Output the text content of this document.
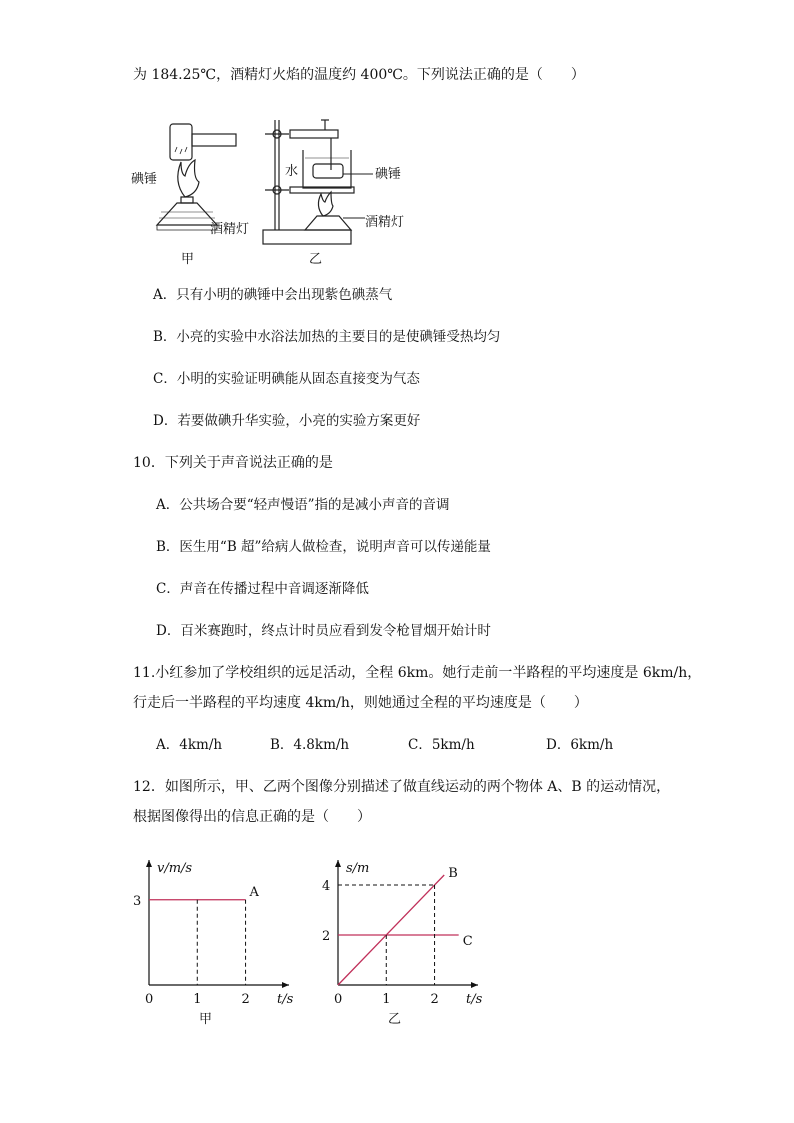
为 184.25℃，酒精灯火焰的温度约 400℃。下列说法正确的是（　　）
碘锤
酒精灯
甲
水	碘锤
酒精灯
乙
A．只有小明的碘锤中会出现紫色碘蒸气
B．小亮的实验中水浴法加热的主要目的是使碘锤受热均匀
C．小明的实验证明碘能从固态直接变为气态
D．若要做碘升华实验，小亮的实验方案更好
10．下列关于声音说法正确的是
A．公共场合要“轻声慢语”指的是减小声音的音调
B．医生用“B 超”给病人做检查，说明声音可以传递能量
C．声音在传播过程中音调逐渐降低
D．百米赛跑时，终点计时员应看到发令枪冒烟开始计时
11.小红参加了学校组织的远足活动，全程 6km。她行走前一半路程的平均速度是 6km/h，
行走后一半路程的平均速度 4km/h，则她通过全程的平均速度是（　　）
A．4km/h	B．4.8km/h	C．5km/h	D．6km/h
12．如图所示，甲、乙两个图像分别描述了做直线运动的两个物体 A、B 的运动情况，
根据图像得出的信息正确的是（　　）
v/m/s
t/s
0	1	2
3
A
甲
s/m
t/s
0	1	2
2
4
B
C
乙
